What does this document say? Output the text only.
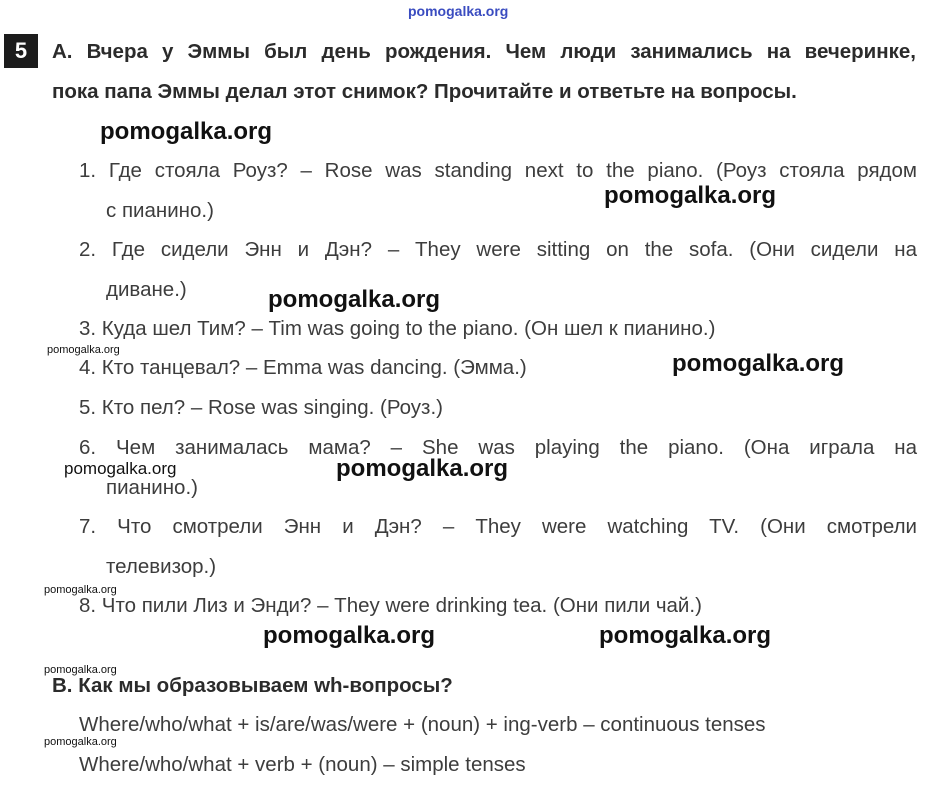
pomogalka.org
5	A. Вчера у Эммы был день рождения. Чем люди занимались на вечеринке,
пока папа Эммы делал этот снимок? Прочитайте и ответьте на вопросы.
1. Где стояла Роуз? – Rose was standing next to the piano. (Роуз стояла рядом
с пианино.)
2. Где сидели Энн и Дэн? – They were sitting on the sofa. (Они сидели на
диване.)
3. Куда шел Тим? – Tim was going to the piano. (Он шел к пианино.)
4. Кто танцевал? – Emma was dancing. (Эмма.)
5. Кто пел? – Rose was singing. (Роуз.)
6. Чем занималась мама? – She was playing the piano. (Она играла на
пианино.)
7. Что смотрели Энн и Дэн? – They were watching TV. (Они смотрели
телевизор.)
8. Что пили Лиз и Энди? – They were drinking tea. (Они пили чай.)
B. Как мы образовываем wh-вопросы?
Where/who/what + is/are/was/were + (noun) + ing-verb – continuous tenses
Where/who/what + verb + (noun) – simple tenses
pomogalka.org
pomogalka.org
pomogalka.org
pomogalka.org
pomogalka.org
pomogalka.org	pomogalka.org
pomogalka.org
pomogalka.org
pomogalka.org
pomogalka.org
pomogalka.org
